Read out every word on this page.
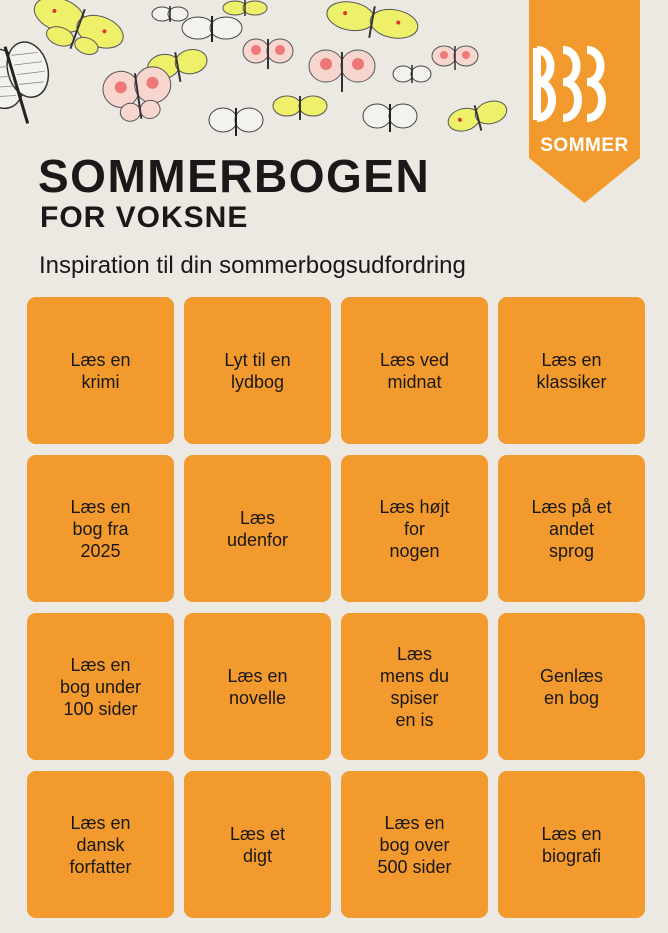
SOMMER
SOMMERBOGEN
FOR VOKSNE

Inspiration til din sommerbogsudfordring

Læs en
krimi
Lyt til en
lydbog
Læs ved
midnat
Læs en
klassiker
Læs en
bog fra
2025
Læs
udenfor
Læs højt
for
nogen
Læs på et
andet
sprog
Læs en
bog under
100 sider
Læs en
novelle
Læs
mens du
spiser
en is
Genlæs
en bog
Læs en
dansk
forfatter
Læs et
digt
Læs en
bog over
500 sider
Læs en
biografi
